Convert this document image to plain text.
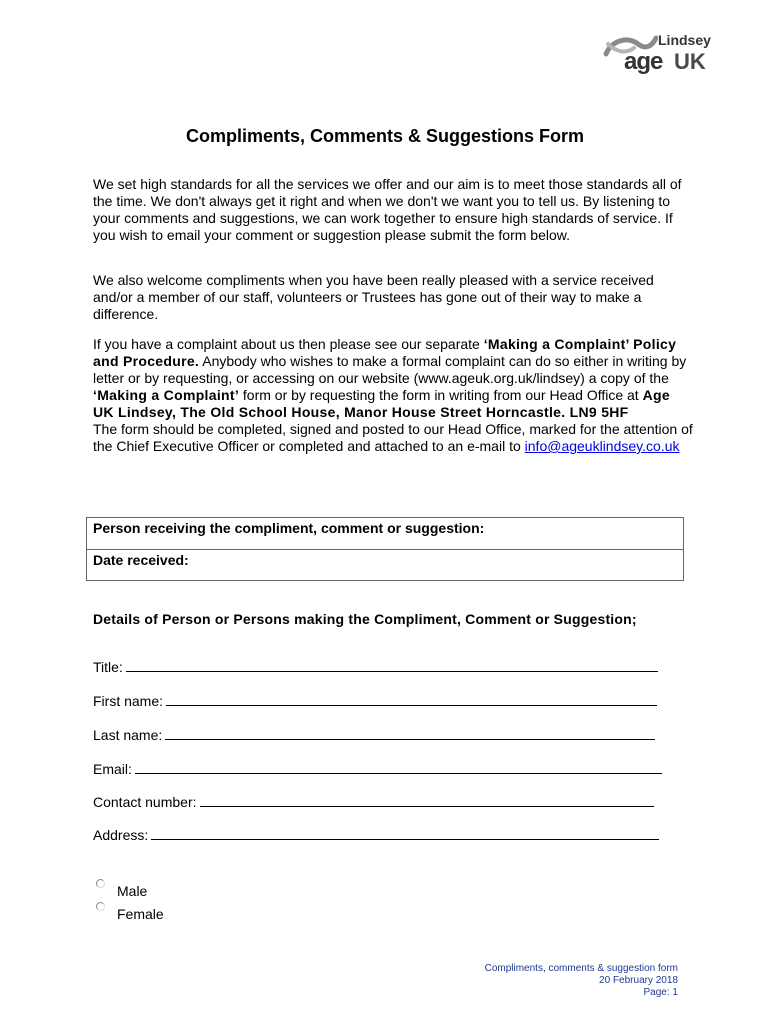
Lindsey
age UK
Compliments, Comments & Suggestions Form
We set high standards for all the services we offer and our aim is to meet those standards all of the time. We don't always get it right and when we don't we want you to tell us. By listening to your comments and suggestions, we can work together to ensure high standards of service. If you wish to email your comment or suggestion please submit the form below.
We also welcome compliments when you have been really pleased with a service received and/or a member of our staff, volunteers or Trustees has gone out of their way to make a difference.
If you have a complaint about us then please see our separate ‘Making a Complaint’ Policy and Procedure. Anybody who wishes to make a formal complaint can do so either in writing by letter or by requesting, or accessing on our website (www.ageuk.org.uk/lindsey) a copy of the ‘Making a Complaint’ form or by requesting the form in writing from our Head Office at Age UK Lindsey, The Old School House, Manor House Street Horncastle. LN9 5HF
The form should be completed, signed and posted to our Head Office, marked for the attention of the Chief Executive Officer or completed and attached to an e-mail to info@ageuklindsey.co.uk
Person receiving the compliment, comment or suggestion:
Date received:
Details of Person or Persons making the Compliment, Comment or Suggestion;
Title:
First name:
Last name:
Email:
Contact number:
Address:
Male
Female
Compliments, comments & suggestion form
20 February 2018
Page: 1
